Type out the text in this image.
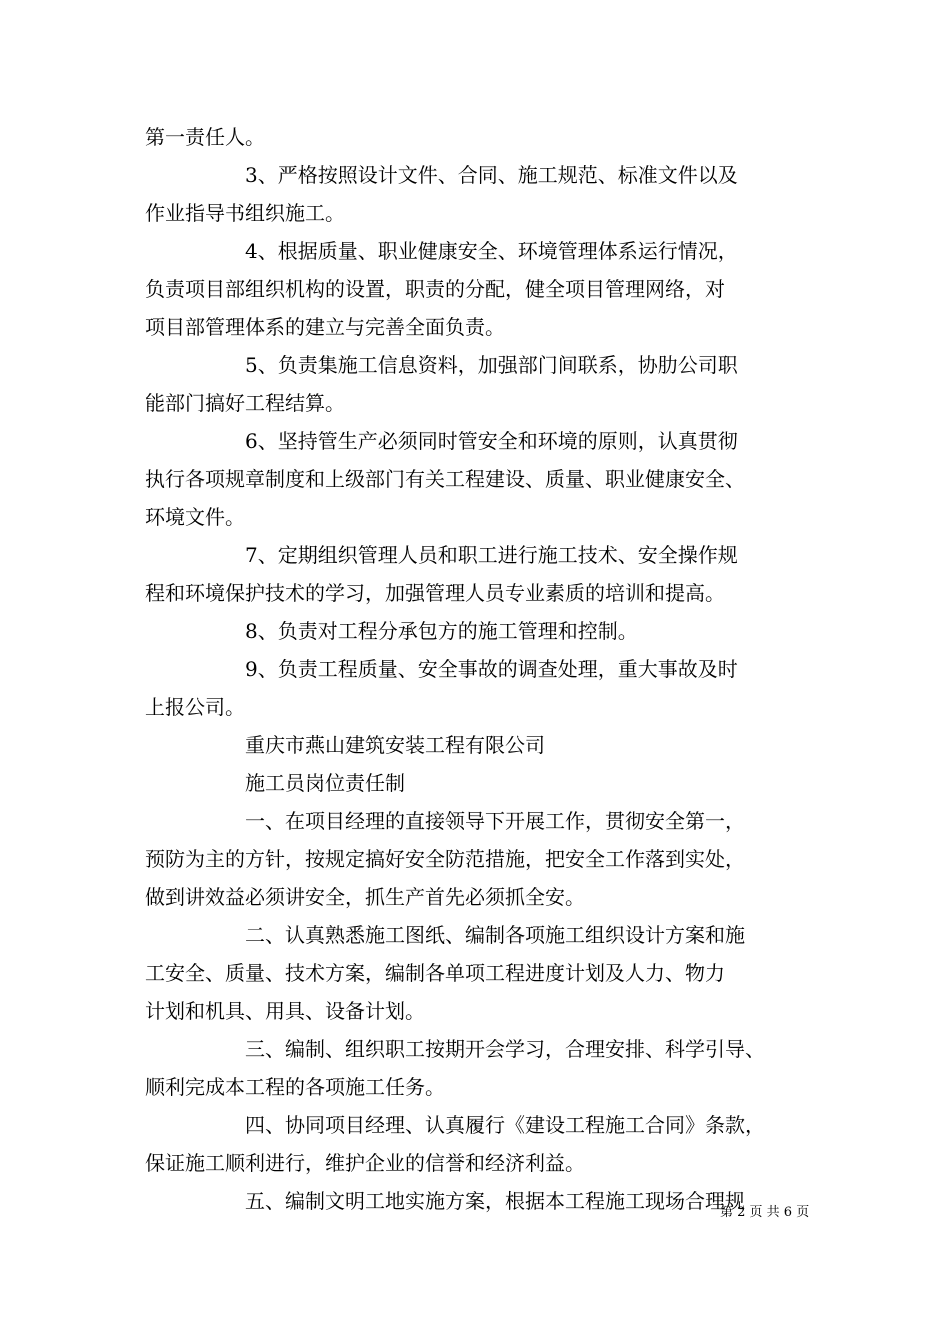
第一责任人。
3、严格按照设计文件、合同、施工规范、标准文件以及
作业指导书组织施工。
4、根据质量、职业健康安全、环境管理体系运行情况，
负责项目部组织机构的设置，职责的分配，健全项目管理网络，对
项目部管理体系的建立与完善全面负责。
5、负责集施工信息资料，加强部门间联系，协肋公司职
能部门搞好工程结算。
6、坚持管生产必须同时管安全和环境的原则，认真贯彻
执行各项规章制度和上级部门有关工程建设、质量、职业健康安全、
环境文件。
7、定期组织管理人员和职工进行施工技术、安全操作规
程和环境保护技术的学习，加强管理人员专业素质的培训和提高。
8、负责对工程分承包方的施工管理和控制。
9、负责工程质量、安全事故的调查处理，重大事故及时
上报公司。
重庆市燕山建筑安装工程有限公司
施工员岗位责任制
一、在项目经理的直接领导下开展工作，贯彻安全第一，
预防为主的方针，按规定搞好安全防范措施，把安全工作落到实处，
做到讲效益必须讲安全，抓生产首先必须抓全安。
二、认真熟悉施工图纸、编制各项施工组织设计方案和施
工安全、质量、技术方案，编制各单项工程进度计划及人力、物力
计划和机具、用具、设备计划。
三、编制、组织职工按期开会学习，合理安排、科学引导、
顺利完成本工程的各项施工任务。
四、协同项目经理、认真履行《建设工程施工合同》条款，
保证施工顺利进行，维护企业的信誉和经济利益。
五、编制文明工地实施方案，根据本工程施工现场合理规
第 2 页 共 6 页
